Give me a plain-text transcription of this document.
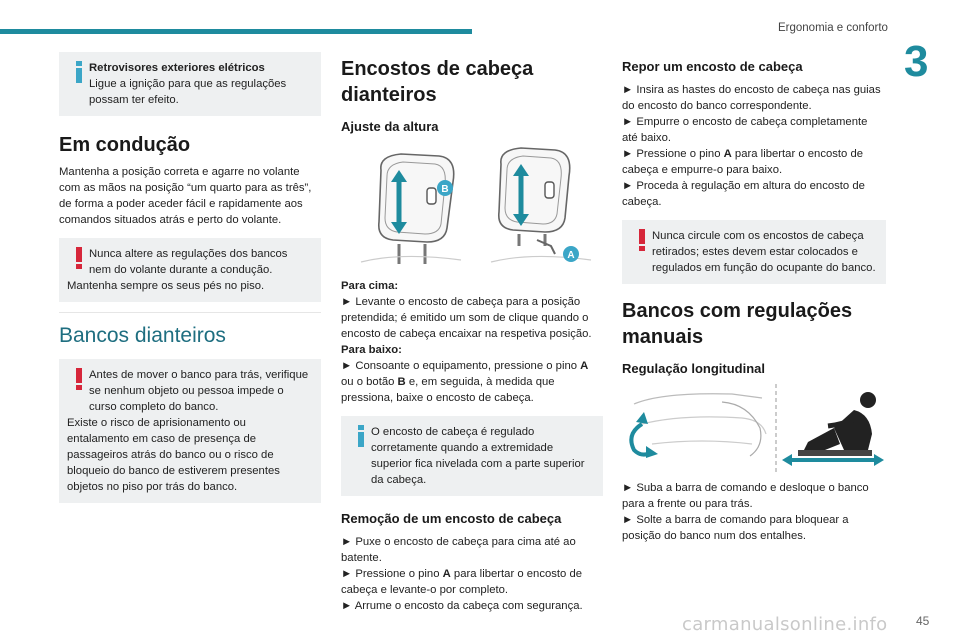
Ergonomia e conforto
3
Retrovisores exteriores elétricos
Ligue a ignição para que as regulações possam ter efeito.
Em condução

Mantenha a posição correta e agarre no volante com as mãos na posição “um quarto para as três”, de forma a poder aceder fácil e rapidamente aos comandos situados atrás e perto do volante.

Nunca altere as regulações dos bancos nem do volante durante a condução.
Mantenha sempre os seus pés no piso.
Bancos dianteiros
Antes de mover o banco para trás, verifique se nenhum objeto ou pessoa impede o curso completo do banco.
Existe o risco de aprisionamento ou entalamento em caso de presença de passageiros atrás do banco ou o risco de bloqueio do banco de estiverem presentes objetos no piso por trás do banco.
Encostos de cabeça dianteiros
Ajuste da altura
B
A

Para cima:

► Levante o encosto de cabeça para a posição pretendida; é emitido um som de clique quando o encosto de cabeça encaixar na respetiva posição.

Para baixo:

► Consoante o equipamento, pressione o pino A ou o botão B e, em seguida, à medida que pressiona, baixe o encosto de cabeça.

O encosto de cabeça é regulado corretamente quando a extremidade superior fica nivelada com a parte superior da cabeça.
Remoção de um encosto de cabeça

► Puxe o encosto de cabeça para cima até ao batente.

► Pressione o pino A para libertar o encosto de cabeça e levante-o por completo.

► Arrume o encosto da cabeça com segurança.

Repor um encosto de cabeça

► Insira as hastes do encosto de cabeça nas guias do encosto do banco correspondente.

► Empurre o encosto de cabeça completamente até baixo.

► Pressione o pino A para libertar o encosto de cabeça e empurre-o para baixo.

► Proceda à regulação em altura do encosto de cabeça.

Nunca circule com os encostos de cabeça retirados; estes devem estar colocados e regulados em função do ocupante do banco.
Bancos com regulações manuais
Regulação longitudinal

► Suba a barra de comando e desloque o banco para a frente ou para trás.

► Solte a barra de comando para bloquear a posição do banco num dos entalhes.

carmanualsonline.info 45
